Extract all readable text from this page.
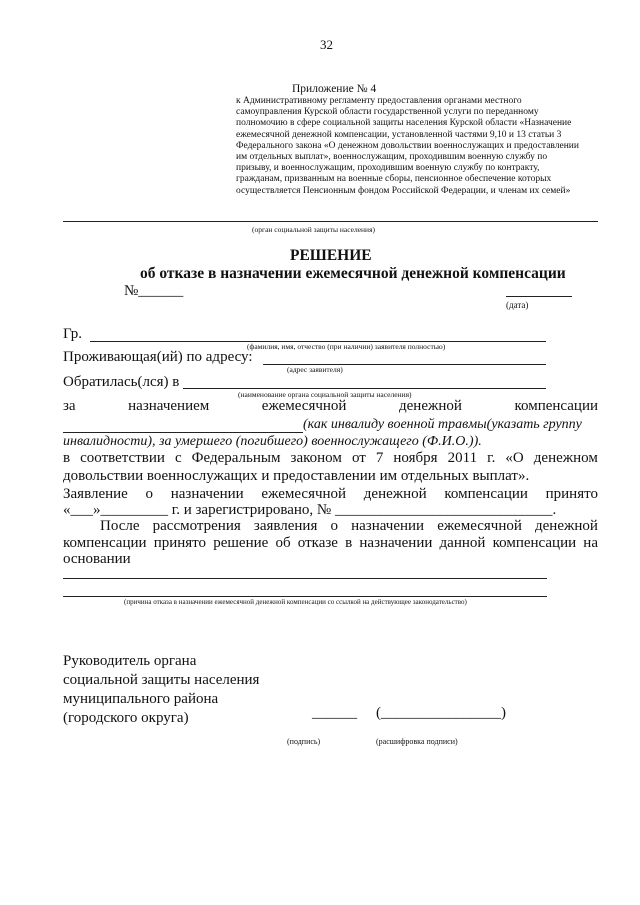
32
Приложение № 4
к Административному регламенту предоставления органами местного
самоуправления Курской области государственной услуги по переданному
полномочию в сфере социальной защиты населения Курской области «Назначение
ежемесячной денежной компенсации, установленной частями 9,10 и 13 статьи 3
Федерального закона «О денежном довольствии военнослужащих и предоставлении
им отдельных выплат», военнослужащим, проходившим военную службу по
призыву, и военнослужащим, проходившим военную службу по контракту,
гражданам, призванным на военные сборы, пенсионное обеспечение которых
осуществляется Пенсионным фондом Российской Федерации, и членам их семей»
(орган социальной защиты населения)
РЕШЕНИЕ
об отказе в назначении ежемесячной денежной компенсации
№______
(дата)
Гр.
(фамилия, имя, отчество (при наличии) заявителя полностью)
Проживающая(ий) по адресу:
(адрес заявителя)
Обратилась(лся) в
(наименование органа социальной защиты населения)
за	назначением	ежемесячной	денежной	компенсации
(как инвалиду военной травмы(указать группу
инвалидности), за умершего (погибшего) военнослужащего (Ф.И.О.)).
в соответствии с Федеральным законом от 7 ноября 2011 г. «О денежном
довольствии военнослужащих и предоставлении им отдельных выплат».
Заявление о назначении ежемесячной денежной компенсации принято
«___»_________ г. и зарегистрировано, № _____________________________.
После рассмотрения заявления о назначении ежемесячной денежной
компенсации принято решение об отказе в назначении данной компенсации на
основании
(причина отказа в назначении ежемесячной денежной компенсации со ссылкой на действующее законодательство)
Руководитель органа
социальной защиты населения
муниципального района
(городского округа)	______ (________________)
(подпись)	(расшифровка подписи)
